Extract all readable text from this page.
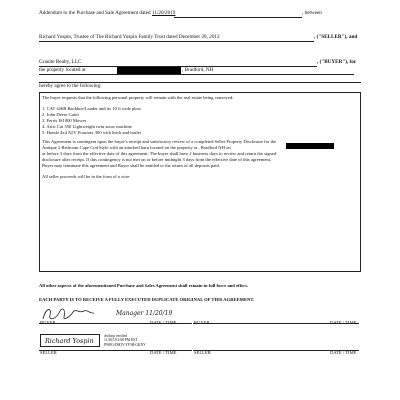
Addendum to the Purchase and Sale Agreement dated 11/20/2019	, between
Richard Yospin, Trustee of The Richard Yospin Family Trust dated December 28, 2012	, ("SELLER"), and
Granite Realty, LLC	, ("BUYER"), for
the property located at	, Bradford, NH
hereby agree to the following:
The buyer requests that the following personal property will remain with the real estate being conveyed:
1. CAT 426B Backhoe/Loader and its 10 ft wide plow
2. John Deere Gator
3. Ferris IS1000 Mower
4. Artic Cat 550 Lightweight twin snow machine
5. Honda 4x4 ATV Fourtrax 300 with hitch and trailer
This Agreement is contingent upon the buyer's receipt and satisfactory review of a completed Seller Property Disclosure for the
Antique 2 Bedroom Cape Cod Style with an attached barn located on the property at , Bradford NH on
or before 3 days from the effective date of this agreement. The buyer shall have 2 business days to review and return the signed
disclosure after receipt. If this contingency is not met on or before midnight 3 days from the effective date of this agreement,
Buyer may terminate this agreement and Buyer shall be entitled to the return of all deposits paid.
All seller proceeds will be in the form of a wire.
All other aspects of the aforementioned Purchase and Sales Agreement shall remain in full force and effect.
EACH PARTY IS TO RECEIVE A FULLY EXECUTED DUPLICATE ORIGINAL OF THIS AGREEMENT.
Manager 11/20/19
BUYER	DATE / TIME	BUYER	DATE / TIME
Richard Yospin
dotloop verified
11/20/19 2:08 PM EST
PW8G-D8OV-YF3R-GKNV
SELLER	DATE / TIME	SELLER	DATE / TIME
